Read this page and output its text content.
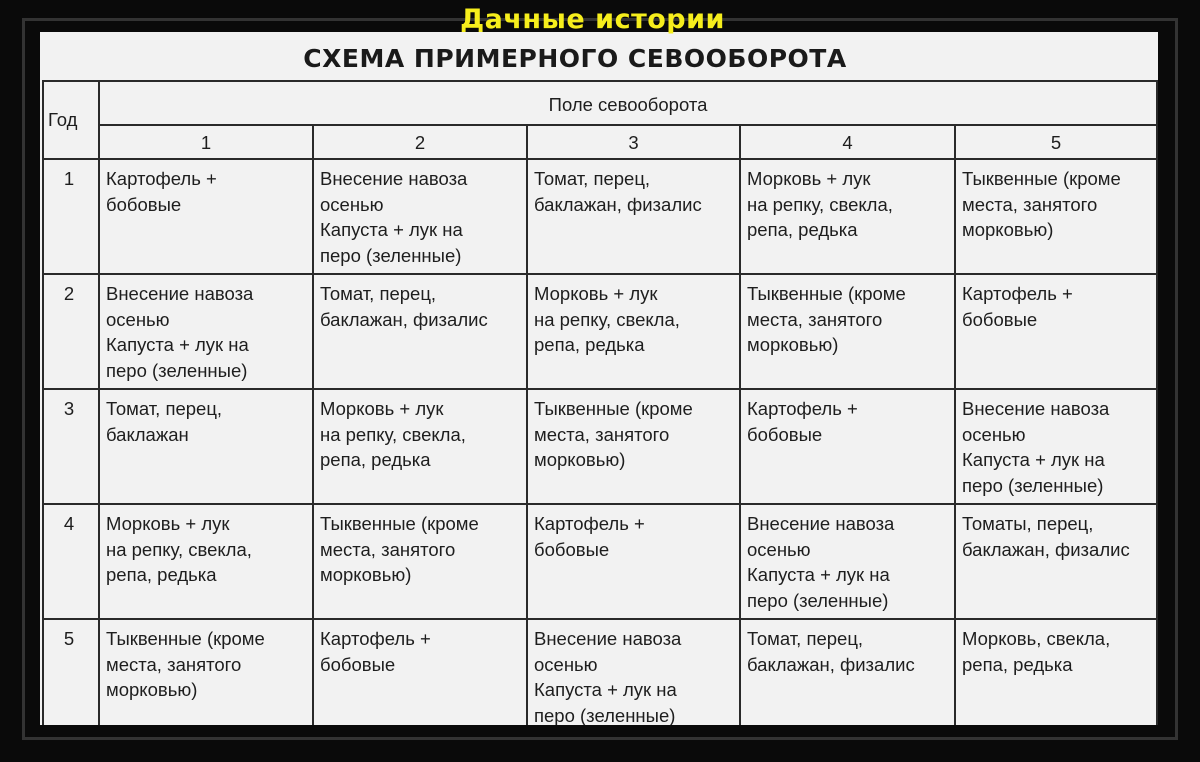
Дачные истории
СХЕМА ПРИМЕРНОГО СЕВООБОРОТА
Год	Поле севооборота				
	1	2	3	4	5
1	Картофель +
бобовые	Внесение навоза
осенью
Капуста + лук на
перо (зеленные)	Томат, перец,
баклажан, физалис	Морковь + лук
на репку, свекла,
репа, редька	Тыквенные (кроме
места, занятого
морковью)

2	Внесение навоза
осенью
Капуста + лук на
перо (зеленные)	Томат, перец,
баклажан, физалис	Морковь + лук
на репку, свекла,
репа, редька	Тыквенные (кроме
места, занятого
морковью)	Картофель +
бобовые

3	Томат, перец,
баклажан	Морковь + лук
на репку, свекла,
репа, редька	Тыквенные (кроме
места, занятого
морковью)	Картофель +
бобовые	Внесение навоза
осенью
Капуста + лук на
перо (зеленные)

4	Морковь + лук
на репку, свекла,
репа, редька	Тыквенные (кроме
места, занятого
морковью)	Картофель +
бобовые	Внесение навоза
осенью
Капуста + лук на
перо (зеленные)	Томаты, перец,
баклажан, физалис

5	Тыквенные (кроме
места, занятого
морковью)	Картофель +
бобовые	Внесение навоза
осенью
Капуста + лук на
перо (зеленные)	Томат, перец,
баклажан, физалис	Морковь, свекла,
репа, редька
